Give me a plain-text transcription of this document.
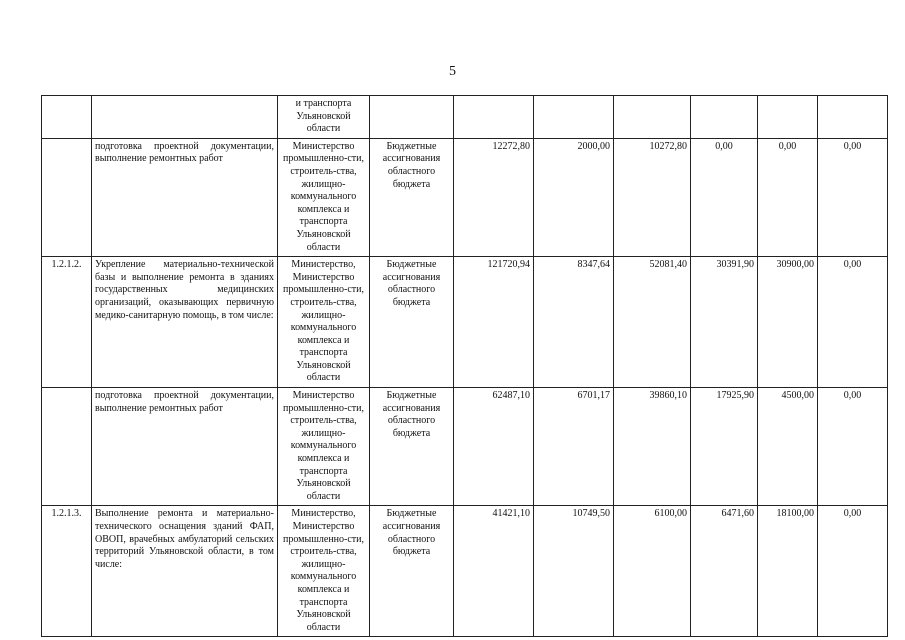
5
		и транспорта Ульяновской области							
	подготовка проектной документации, выполнение ремонтных работ	Министерство промышленно-сти, строитель-ства, жилищно-коммунального комплекса и транспорта Ульяновской области	Бюджетные ассигнования областного бюджета	12272,80	2000,00	10272,80	0,00	0,00	0,00
1.2.1.2.	Укрепление материально-технической базы и выполнение ремонта в зданиях государственных медицинских организаций, оказывающих первичную медико-санитарную помощь, в том числе:	Министерство, Министерство промышленно-сти, строитель-ства, жилищно-коммунального комплекса и транспорта Ульяновской области	Бюджетные ассигнования областного бюджета	121720,94	8347,64	52081,40	30391,90	30900,00	0,00
	подготовка проектной документации, выполнение ремонтных работ	Министерство промышленно-сти, строитель-ства, жилищно-коммунального комплекса и транспорта Ульяновской области	Бюджетные ассигнования областного бюджета	62487,10	6701,17	39860,10	17925,90	4500,00	0,00
1.2.1.3.	Выполнение ремонта и материально-технического оснащения зданий ФАП, ОВОП, врачебных амбулаторий сельских территорий Ульяновской области, в том числе:	Министерство, Министерство промышленно-сти, строитель-ства, жилищно-коммунального комплекса и транспорта Ульяновской области	Бюджетные ассигнования областного бюджета	41421,10	10749,50	6100,00	6471,60	18100,00	0,00
